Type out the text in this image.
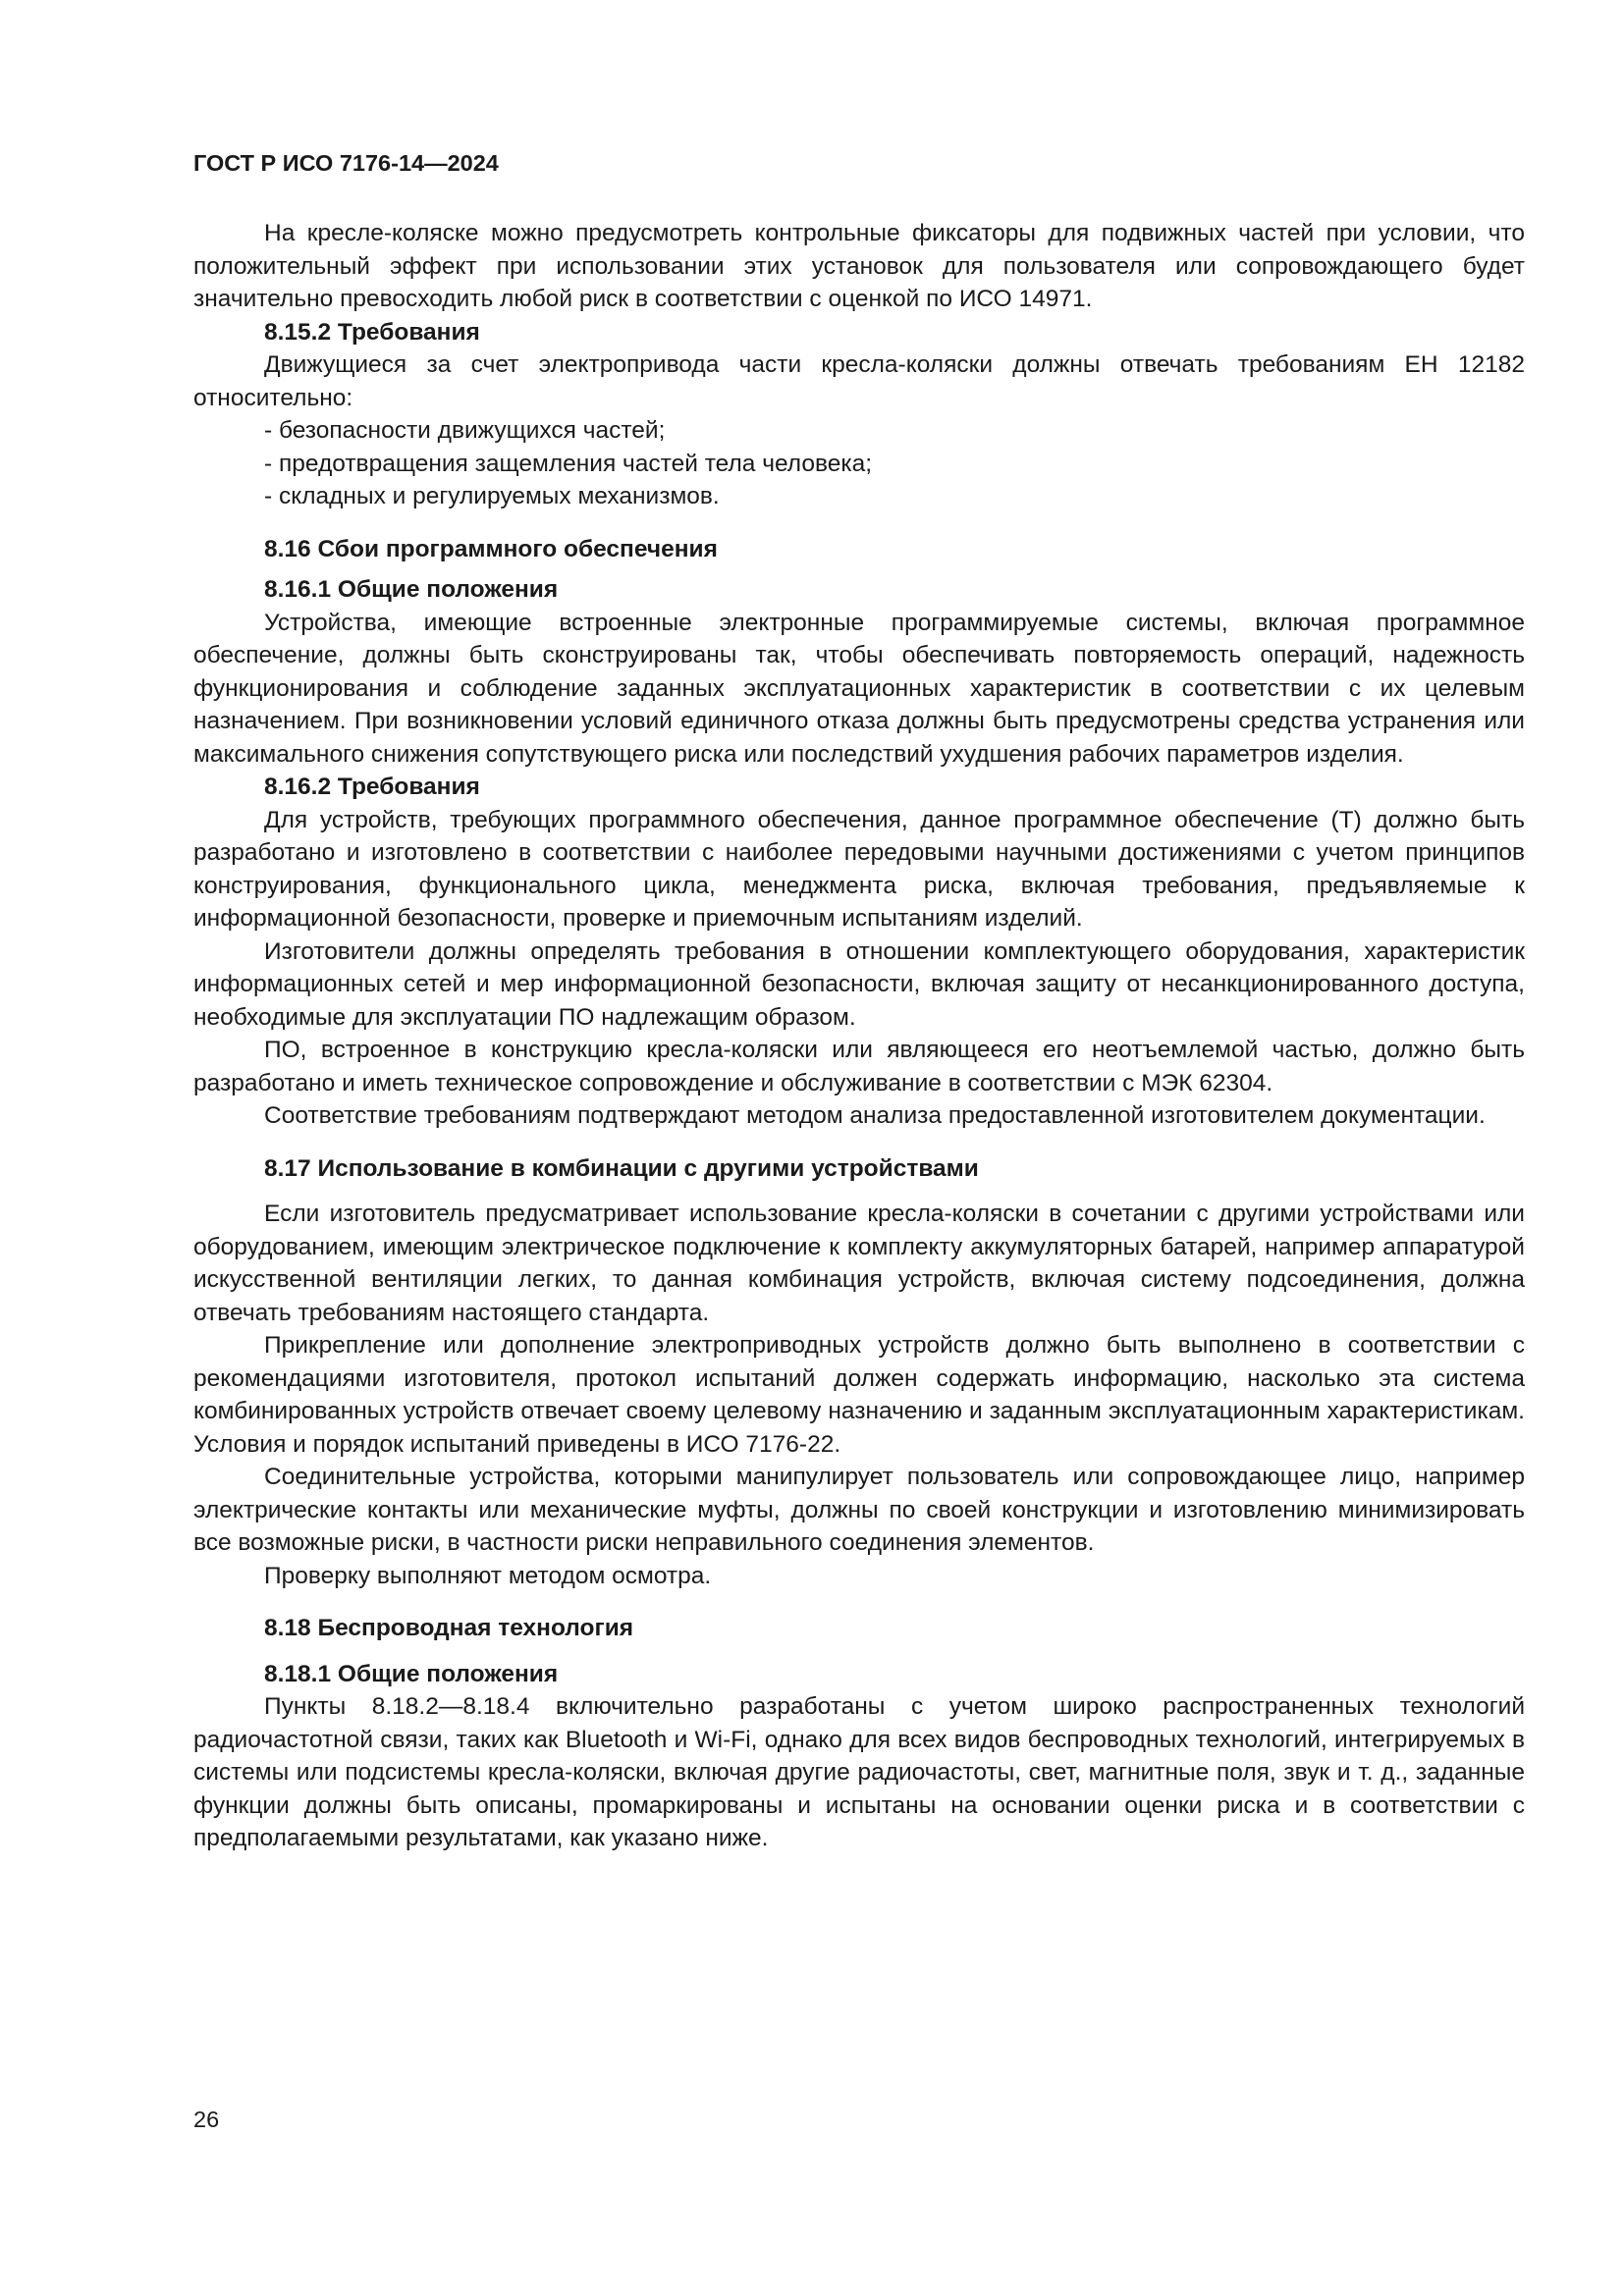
ГОСТ Р ИСО 7176-14—2024

На кресле-коляске можно предусмотреть контрольные фиксаторы для подвижных частей при условии, что положительный эффект при использовании этих установок для пользователя или сопровождающего будет значительно превосходить любой риск в соответствии с оценкой по ИСО 14971.

8.15.2 Требования

Движущиеся за счет электропривода части кресла-коляски должны отвечать требованиям ЕН 12182 относительно:

- безопасности движущихся частей;
- предотвращения защемления частей тела человека;
- складных и регулируемых механизмов.
8.16 Сбои программного обеспечения
8.16.1 Общие положения

Устройства, имеющие встроенные электронные программируемые системы, включая программное обеспечение, должны быть сконструированы так, чтобы обеспечивать повторяемость операций, надежность функционирования и соблюдение заданных эксплуатационных характеристик в соответствии с их целевым назначением. При возникновении условий единичного отказа должны быть предусмотрены средства устранения или максимального снижения сопутствующего риска или последствий ухудшения рабочих параметров изделия.

8.16.2 Требования

Для устройств, требующих программного обеспечения, данное программное обеспечение (Т) должно быть разработано и изготовлено в соответствии с наиболее передовыми научными достижениями с учетом принципов конструирования, функционального цикла, менеджмента риска, включая требования, предъявляемые к информационной безопасности, проверке и приемочным испытаниям изделий.

Изготовители должны определять требования в отношении комплектующего оборудования, характеристик информационных сетей и мер информационной безопасности, включая защиту от несанкционированного доступа, необходимые для эксплуатации ПО надлежащим образом.

ПО, встроенное в конструкцию кресла-коляски или являющееся его неотъемлемой частью, должно быть разработано и иметь техническое сопровождение и обслуживание в соответствии с МЭК 62304.

Соответствие требованиям подтверждают методом анализа предоставленной изготовителем документации.

8.17 Использование в комбинации с другими устройствами

Если изготовитель предусматривает использование кресла-коляски в сочетании с другими устройствами или оборудованием, имеющим электрическое подключение к комплекту аккумуляторных батарей, например аппаратурой искусственной вентиляции легких, то данная комбинация устройств, включая систему подсоединения, должна отвечать требованиям настоящего стандарта.

Прикрепление или дополнение электроприводных устройств должно быть выполнено в соответствии с рекомендациями изготовителя, протокол испытаний должен содержать информацию, насколько эта система комбинированных устройств отвечает своему целевому назначению и заданным эксплуатационным характеристикам. Условия и порядок испытаний приведены в ИСО 7176-22.

Соединительные устройства, которыми манипулирует пользователь или сопровождающее лицо, например электрические контакты или механические муфты, должны по своей конструкции и изготовлению минимизировать все возможные риски, в частности риски неправильного соединения элементов.

Проверку выполняют методом осмотра.

8.18 Беспроводная технология
8.18.1 Общие положения

Пункты 8.18.2—8.18.4 включительно разработаны с учетом широко распространенных технологий радиочастотной связи, таких как Bluetooth и Wi-Fi, однако для всех видов беспроводных технологий, интегрируемых в системы или подсистемы кресла-коляски, включая другие радиочастоты, свет, магнитные поля, звук и т. д., заданные функции должны быть описаны, промаркированы и испытаны на основании оценки риска и в соответствии с предполагаемыми результатами, как указано ниже.

26
